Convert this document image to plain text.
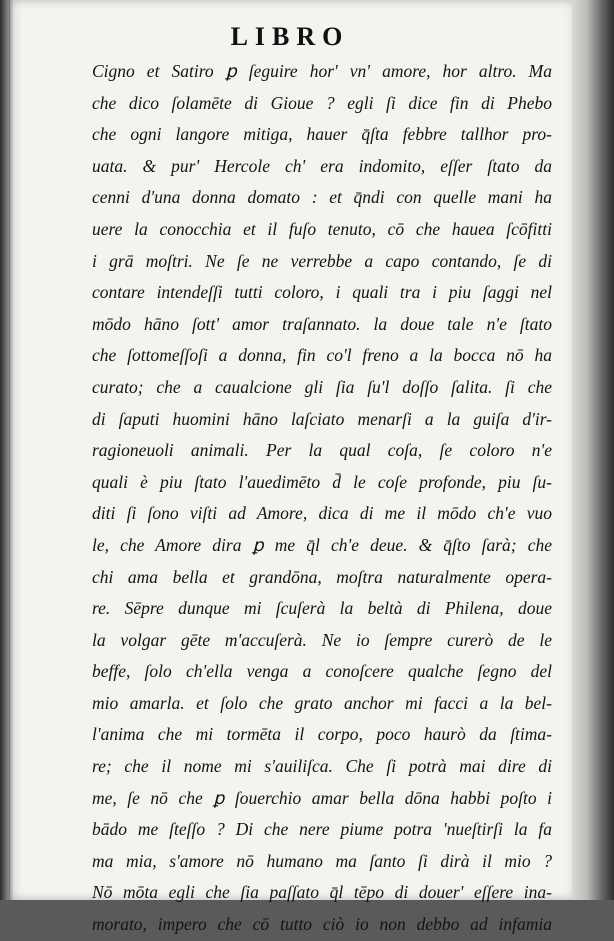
LIBRO
Cigno et Satiro ꝑ ſeguire hor' vn' amore, hor altro. Ma
che dico ſolamēte di Gioue ? egli ſi dice fin di Phebo
che ogni langore mitiga, hauer q̄ſta febbre tallhor pro-
uata. & pur' Hercole ch' era indomito, eſſer ſtato da
cenni d'una donna domato : et q̄ndi con quelle mani ha
uere la conocchia et il fuſo tenuto, cō che hauea ſcōfitti
i grā moſtri. Ne ſe ne verrebbe a capo contando, ſe di
contare intendeſſi tutti coloro, i quali tra i piu ſaggi nel
mōdo hāno ſott' amor traſannato. la doue tale n'e ſtato
che ſottomeſſoſi a donna, fin co'l freno a la bocca nō ha
curato; che a caualcione gli ſia ſu'l doſſo ſalita. ſi che
di ſaputi huomini hāno laſciato menarſi a la guiſa d'ir-
ragioneuoli animali. Per la qual coſa, ſe coloro n'e
quali è piu ſtato l'auedimēto d̄ le coſe profonde, piu ſu-
diti ſi ſono viſti ad Amore, dica di me il mōdo ch'e vuo
le, che Amore dira ꝑ me q̄l ch'e deue. & q̄ſto ſarà; che
chi ama bella et grandōna, moſtra naturalmente opera-
re. Sēpre dunque mi ſcuſerà la beltà di Philena, doue
la volgar gēte m'accuſerà. Ne io ſempre curerò de le
beffe, ſolo ch'ella venga a conoſcere qualche ſegno del
mio amarla. et ſolo che grato anchor mi facci a la bel-
l'anima che mi tormēta il corpo, poco haurò da ſtima-
re; che il nome mi s'auiliſca. Che ſi potrà mai dire di
me, ſe nō che ꝑ ſouerchio amar bella dōna habbi poſto i
bādo me ſteſſo ? Di che nere piume potra 'nueſtirſi la fa
ma mia, s'amore nō humano ma ſanto ſi dirà il mio ?
Nō mōta egli che ſia paſſato q̄l tēpo di douer' eſſere ina-
morato, impero che cō tutto ciò io non debbo ad infamia
